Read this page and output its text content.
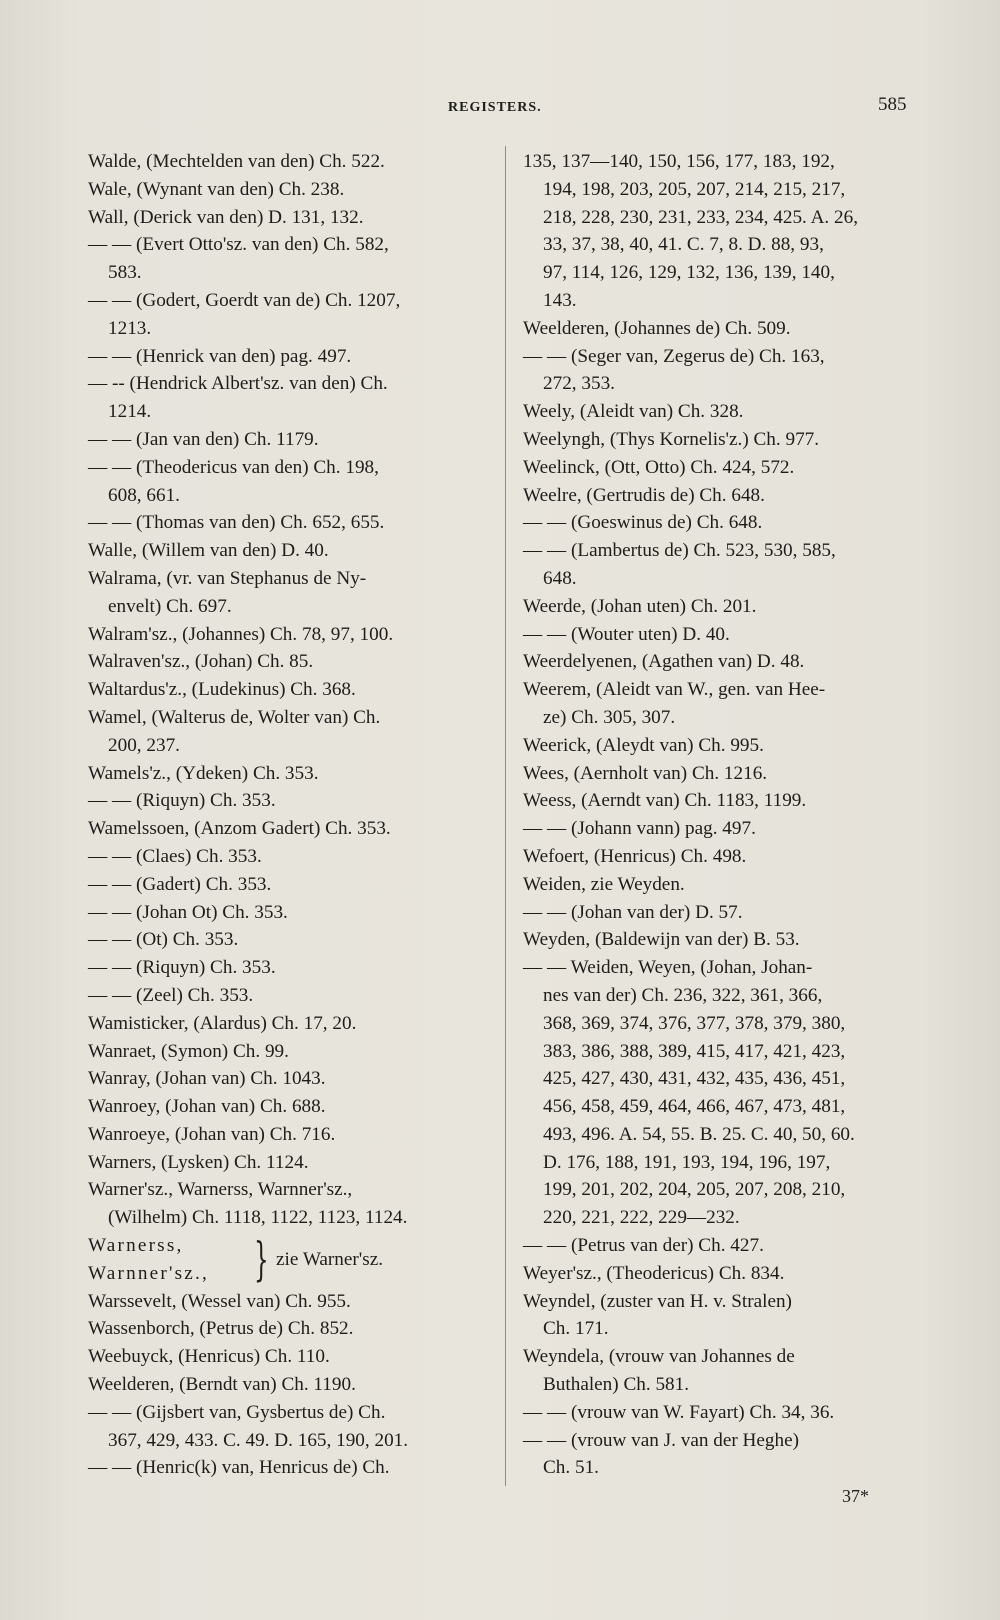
REGISTERS.	585
Walde, (Mechtelden van den) Ch. 522.
Wale, (Wynant van den) Ch. 238.
Wall, (Derick van den) D. 131, 132.
— — (Evert Otto'sz. van den) Ch. 582,
583.
— — (Godert, Goerdt van de) Ch. 1207,
1213.
— — (Henrick van den) pag. 497.
— -- (Hendrick Albert'sz. van den) Ch.
1214.
— — (Jan van den) Ch. 1179.
— — (Theodericus van den) Ch. 198,
608, 661.
— — (Thomas van den) Ch. 652, 655.
Walle, (Willem van den) D. 40.
Walrama, (vr. van Stephanus de Ny-
envelt) Ch. 697.
Walram'sz., (Johannes) Ch. 78, 97, 100.
Walraven'sz., (Johan) Ch. 85.
Waltardus'z., (Ludekinus) Ch. 368.
Wamel, (Walterus de, Wolter van) Ch.
200, 237.
Wamels'z., (Ydeken) Ch. 353.
— — (Riquyn) Ch. 353.
Wamelssoen, (Anzom Gadert) Ch. 353.
— — (Claes) Ch. 353.
— — (Gadert) Ch. 353.
— — (Johan Ot) Ch. 353.
— — (Ot) Ch. 353.
— — (Riquyn) Ch. 353.
— — (Zeel) Ch. 353.
Wamisticker, (Alardus) Ch. 17, 20.
Wanraet, (Symon) Ch. 99.
Wanray, (Johan van) Ch. 1043.
Wanroey, (Johan van) Ch. 688.
Wanroeye, (Johan van) Ch. 716.
Warners, (Lysken) Ch. 1124.
Warner'sz., Warnerss, Warnner'sz.,
(Wilhelm) Ch. 1118, 1122, 1123, 1124.
Warnerss,
Warnner'sz., } zie Warner'sz.
Warssevelt, (Wessel van) Ch. 955.
Wassenborch, (Petrus de) Ch. 852.
Weebuyck, (Henricus) Ch. 110.
Weelderen, (Berndt van) Ch. 1190.
— — (Gijsbert van, Gysbertus de) Ch.
367, 429, 433. C. 49. D. 165, 190, 201.
— — (Henric(k) van, Henricus de) Ch.
135, 137—140, 150, 156, 177, 183, 192,
194, 198, 203, 205, 207, 214, 215, 217,
218, 228, 230, 231, 233, 234, 425. A. 26,
33, 37, 38, 40, 41. C. 7, 8. D. 88, 93,
97, 114, 126, 129, 132, 136, 139, 140,
143.
Weelderen, (Johannes de) Ch. 509.
— — (Seger van, Zegerus de) Ch. 163,
272, 353.
Weely, (Aleidt van) Ch. 328.
Weelyngh, (Thys Kornelis'z.) Ch. 977.
Weelinck, (Ott, Otto) Ch. 424, 572.
Weelre, (Gertrudis de) Ch. 648.
— — (Goeswinus de) Ch. 648.
— — (Lambertus de) Ch. 523, 530, 585,
648.
Weerde, (Johan uten) Ch. 201.
— — (Wouter uten) D. 40.
Weerdelyenen, (Agathen van) D. 48.
Weerem, (Aleidt van W., gen. van Hee-
ze) Ch. 305, 307.
Weerick, (Aleydt van) Ch. 995.
Wees, (Aernholt van) Ch. 1216.
Weess, (Aerndt van) Ch. 1183, 1199.
— — (Johann vann) pag. 497.
Wefoert, (Henricus) Ch. 498.
Weiden, zie Weyden.
— — (Johan van der) D. 57.
Weyden, (Baldewijn van der) B. 53.
— — Weiden, Weyen, (Johan, Johan-
nes van der) Ch. 236, 322, 361, 366,
368, 369, 374, 376, 377, 378, 379, 380,
383, 386, 388, 389, 415, 417, 421, 423,
425, 427, 430, 431, 432, 435, 436, 451,
456, 458, 459, 464, 466, 467, 473, 481,
493, 496. A. 54, 55. B. 25. C. 40, 50, 60.
D. 176, 188, 191, 193, 194, 196, 197,
199, 201, 202, 204, 205, 207, 208, 210,
220, 221, 222, 229—232.
— — (Petrus van der) Ch. 427.
Weyer'sz., (Theodericus) Ch. 834.
Weyndel, (zuster van H. v. Stralen)
Ch. 171.
Weyndela, (vrouw van Johannes de
Buthalen) Ch. 581.
— — (vrouw van W. Fayart) Ch. 34, 36.
— — (vrouw van J. van der Heghe)
Ch. 51.
37*
